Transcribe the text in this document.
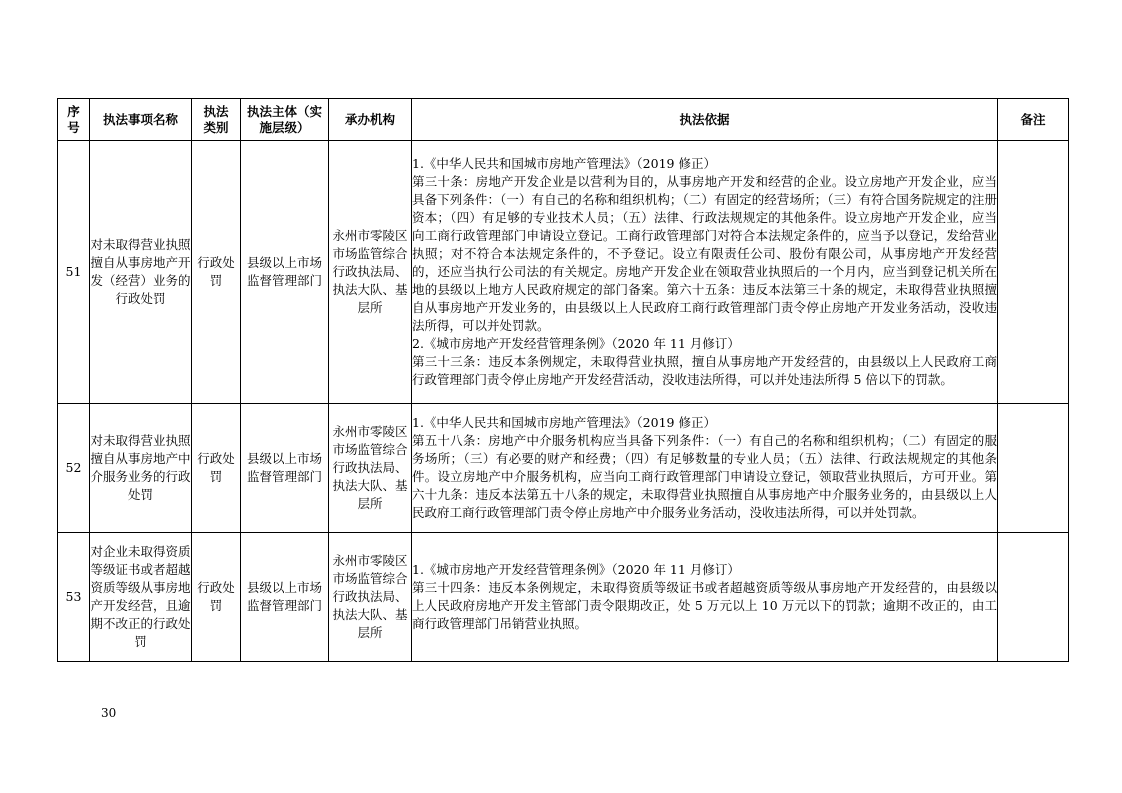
序号	执法事项名称	执法类别	执法主体（实施层级）	承办机构	执法依据	备注
51	对未取得营业执照擅自从事房地产开发（经营）业务的行政处罚	行政处罚	县级以上市场监督管理部门	永州市零陵区市场监管综合行政执法局、执法大队、基层所	1.《中华人民共和国城市房地产管理法》（2019 修正）

第三十条：房地产开发企业是以营利为目的，从事房地产开发和经营的企业。设立房地产开发企业，应当具备下列条件：（一）有自己的名称和组织机构；（二）有固定的经营场所；（三）有符合国务院规定的注册资本；（四）有足够的专业技术人员；（五）法律、行政法规规定的其他条件。设立房地产开发企业，应当向工商行政管理部门申请设立登记。工商行政管理部门对符合本法规定条件的，应当予以登记，发给营业执照；对不符合本法规定条件的，不予登记。设立有限责任公司、股份有限公司，从事房地产开发经营的，还应当执行公司法的有关规定。房地产开发企业在领取营业执照后的一个月内，应当到登记机关所在地的县级以上地方人民政府规定的部门备案。第六十五条：违反本法第三十条的规定，未取得营业执照擅自从事房地产开发业务的，由县级以上人民政府工商行政管理部门责令停止房地产开发业务活动，没收违法所得，可以并处罚款。

2.《城市房地产开发经营管理条例》（2020 年 11 月修订）

第三十三条：违反本条例规定，未取得营业执照，擅自从事房地产开发经营的，由县级以上人民政府工商行政管理部门责令停止房地产开发经营活动，没收违法所得，可以并处违法所得 5 倍以下的罚款。	

52	对未取得营业执照擅自从事房地产中介服务业务的行政处罚	行政处罚	县级以上市场监督管理部门	永州市零陵区市场监管综合行政执法局、执法大队、基层所	1.《中华人民共和国城市房地产管理法》（2019 修正）

第五十八条：房地产中介服务机构应当具备下列条件：（一）有自己的名称和组织机构；（二）有固定的服务场所；（三）有必要的财产和经费；（四）有足够数量的专业人员；（五）法律、行政法规规定的其他条件。设立房地产中介服务机构，应当向工商行政管理部门申请设立登记，领取营业执照后，方可开业。第六十九条：违反本法第五十八条的规定，未取得营业执照擅自从事房地产中介服务业务的，由县级以上人民政府工商行政管理部门责令停止房地产中介服务业务活动，没收违法所得，可以并处罚款。	

53	对企业未取得资质等级证书或者超越资质等级从事房地产开发经营，且逾期不改正的行政处罚	行政处罚	县级以上市场监督管理部门	永州市零陵区市场监管综合行政执法局、执法大队、基层所	1.《城市房地产开发经营管理条例》（2020 年 11 月修订）

第三十四条：违反本条例规定，未取得资质等级证书或者超越资质等级从事房地产开发经营的，由县级以上人民政府房地产开发主管部门责令限期改正，处 5 万元以上 10 万元以下的罚款；逾期不改正的，由工商行政管理部门吊销营业执照。	

30
